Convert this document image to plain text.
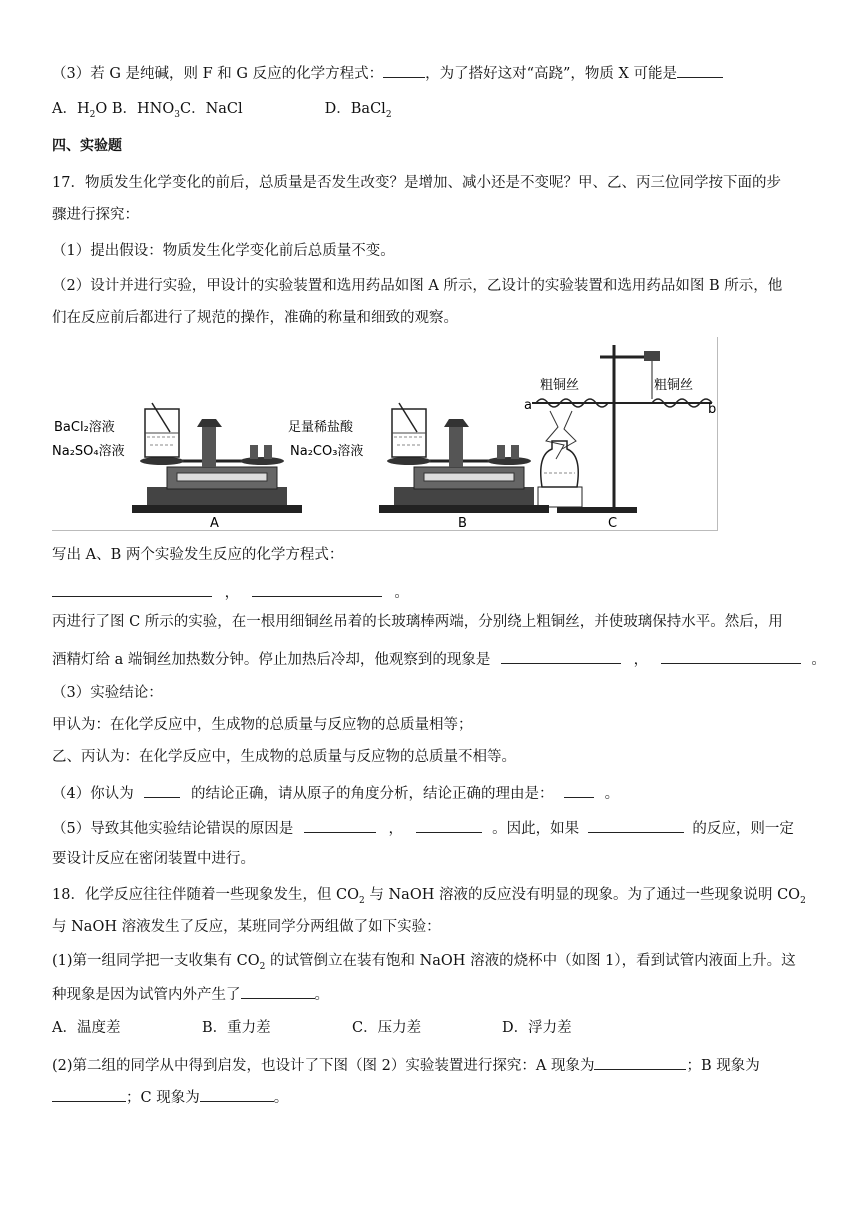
（3）若 G 是纯碱，则 F 和 G 反应的化学方程式：	，为了搭好这对“高跷”，物质 X 可能是
A．$H_2O$ B．$HNO_3C$．NaCl	D．BaCl$_2$
四、实验题
17．物质发生化学变化的前后，总质量是否发生改变？是增加、减小还是不变呢？甲、乙、丙三位同学按下面的步
骤进行探究：
（1）提出假设：物质发生化学变化前后总质量不变。
（2）设计并进行实验，甲设计的实验装置和选用药品如图 A 所示，乙设计的实验装置和选用药品如图 B 所示，他
们在反应前后都进行了规范的操作，准确的称量和细致的观察。
BaCl₂溶液
Na₂SO₄溶液
足量稀盐酸
Na₂CO₃溶液
粗铜丝	粗铜丝
a	b
A	B	C
写出 A、B 两个实验发生反应的化学方程式：
，	。
丙进行了图 C 所示的实验，在一根用细铜丝吊着的长玻璃棒两端，分别绕上粗铜丝，并使玻璃保持水平。然后，用
酒精灯给 a 端铜丝加热数分钟。停止加热后冷却，他观察到的现象是	，	。
（3）实验结论：
甲认为：在化学反应中，生成物的总质量与反应物的总质量相等；
乙、丙认为：在化学反应中，生成物的总质量与反应物的总质量不相等。
（4）你认为	的结论正确，请从原子的角度分析，结论正确的理由是：	。
（5）导致其他实验结论错误的原因是	，	。因此，如果	的反应，则一定
要设计反应在密闭装置中进行。
18．化学反应往往伴随着一些现象发生，但 $CO_2$ 与 NaOH 溶液的反应没有明显的现象。为了通过一些现象说明 $CO_2$
与 NaOH 溶液发生了反应，某班同学分两组做了如下实验：
(1)第一组同学把一支收集有 $CO_2$ 的试管倒立在装有饱和 NaOH 溶液的烧杯中（如图 1），看到试管内液面上升。这
种现象是因为试管内外产生了	。
A．温度差	B．重力差	C．压力差	D．浮力差
(2)第二组的同学从中得到启发，也设计了下图（图 2）实验装置进行探究：A 现象为	；B 现象为
；C 现象为	。
